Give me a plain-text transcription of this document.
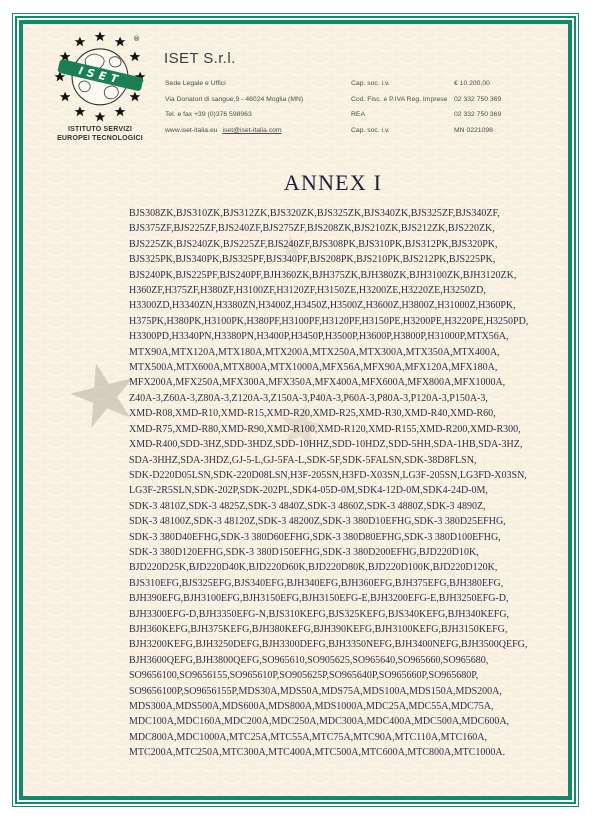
★ ★
★
ISET
®
ISTITUTO SERVIZI
EUROPEI TECNOLOGICI
ISET S.r.l.
Sede Legale e Uffici
Via Donatori di sangue,9 - 46024 Moglia (MN)
Tel. e fax +39 (0)376 598963
www.iset-italia.eu iset@iset-italia.com
Cap. soc. i.v.	€ 10.200,00
Cod. Fisc. e P.IVA Reg. Imprese 02 332 750 369
REA	02 332 750 369
Cap. soc. i.v.	MN 0221098
ANNEX I
BJS308ZK,BJS310ZK,BJS312ZK,BJS320ZK,BJS325ZK,BJS340ZK,BJS325ZF,BJS340ZF,
BJS375ZF,BJS225ZF,BJS240ZF,BJS275ZF,BJS208ZK,BJS210ZK,BJS212ZK,BJS220ZK,
BJS225ZK,BJS240ZK,BJS225ZF,BJS240ZF,BJS308PK,BJS310PK,BJS312PK,BJS320PK,
BJS325PK,BJS340PK,BJS325PF,BJS340PF,BJS208PK,BJS210PK,BJS212PK,BJS225PK,
BJS240PK,BJS225PF,BJS240PF,BJH360ZK,BJH375ZK,BJH380ZK,BJH3100ZK,BJH3120ZK,
H360ZF,H375ZF,H380ZF,H3100ZF,H3120ZF,H3150ZE,H3200ZE,H3220ZE,H3250ZD,
H3300ZD,H3340ZN,H3380ZN,H3400Z,H3450Z,H3500Z,H3600Z,H3800Z,H31000Z,H360PK,
H375PK,H380PK,H3100PK,H380PF,H3100PF,H3120PF,H3150PE,H3200PE,H3220PE,H3250PD,
H3300PD,H3340PN,H3380PN,H3400P,H3450P,H3500P,H3600P,H3800P,H31000P,MTX56A,
MTX90A,MTX120A,MTX180A,MTX200A,MTX250A,MTX300A,MTX350A,MTX400A,
MTX500A,MTX600A,MTX800A,MTX1000A,MFX56A,MFX90A,MFX120A,MFX180A,
MFX200A,MFX250A,MFX300A,MFX350A,MFX400A,MFX600A,MFX800A,MFX1000A,
Z40A-3,Z60A-3,Z80A-3,Z120A-3,Z150A-3,P40A-3,P60A-3,P80A-3,P120A-3,P150A-3,
XMD-R08,XMD-R10,XMD-R15,XMD-R20,XMD-R25,XMD-R30,XMD-R40,XMD-R60,
XMD-R75,XMD-R80,XMD-R90,XMD-R100,XMD-R120,XMD-R155,XMD-R200,XMD-R300,
XMD-R400,SDD-3HZ,SDD-3HDZ,SDD-10HHZ,SDD-10HDZ,SDD-5HH,SDA-1HB,SDA-3HZ,
SDA-3HHZ,SDA-3HDZ,GJ-5-L,GJ-5FA-L,SDK-5F,SDK-5FALSN,SDK-38D8FLSN,
SDK-D220D05LSN,SDK-220D08LSN,H3F-205SN,H3FD-X03SN,LG3F-205SN,LG3FD-X03SN,
LG3F-2R5SLN,SDK-202P,SDK-202PL,SDK4-05D-0M,SDK4-12D-0M,SDK4-24D-0M,
SDK-3 4810Z,SDK-3 4825Z,SDK-3 4840Z,SDK-3 4860Z,SDK-3 4880Z,SDK-3 4890Z,
SDK-3 48100Z,SDK-3 48120Z,SDK-3 48200Z,SDK-3 380D10EFHG,SDK-3 380D25EFHG,
SDK-3 380D40EFHG,SDK-3 380D60EFHG,SDK-3 380D80EFHG,SDK-3 380D100EFHG,
SDK-3 380D120EFHG,SDK-3 380D150EFHG,SDK-3 380D200EFHG,BJD220D10K,
BJD220D25K,BJD220D40K,BJD220D60K,BJD220D80K,BJD220D100K,BJD220D120K,
BJS310EFG,BJS325EFG,BJS340EFG,BJH340EFG,BJH360EFG,BJH375EFG,BJH380EFG,
BJH390EFG,BJH3100EFG,BJH3150EFG,BJH3150EFG-E,BJH3200EFG-E,BJH3250EFG-D,
BJH3300EFG-D,BJH3350EFG-N,BJS310KEFG,BJS325KEFG,BJS340KEFG,BJH340KEFG,
BJH360KEFG,BJH375KEFG,BJH380KEFG,BJH390KEFG,BJH3100KEFG,BJH3150KEFG,
BJH3200KEFG,BJH3250DEFG,BJH3300DEFG,BJH3350NEFG,BJH3400NEFG,BJH3500QEFG,
BJH3600QEFG,BJH3800QEFG,SO965610,SO905625,SO965640,SO965660,SO965680,
SO9656100,SO9656155,SO965610P,SO905625P,SO965640P,SO965660P,SO965680P,
SO9656100P,SO9656155P,MDS30A,MDS50A,MDS75A,MDS100A,MDS150A,MDS200A,
MDS300A,MDS500A,MDS600A,MDS800A,MDS1000A,MDC25A,MDC55A,MDC75A,
MDC100A,MDC160A,MDC200A,MDC250A,MDC300A,MDC400A,MDC500A,MDC600A,
MDC800A,MDC1000A,MTC25A,MTC55A,MTC75A,MTC90A,MTC110A,MTC160A,
MTC200A,MTC250A,MTC300A,MTC400A,MTC500A,MTC600A,MTC800A,MTC1000A.
